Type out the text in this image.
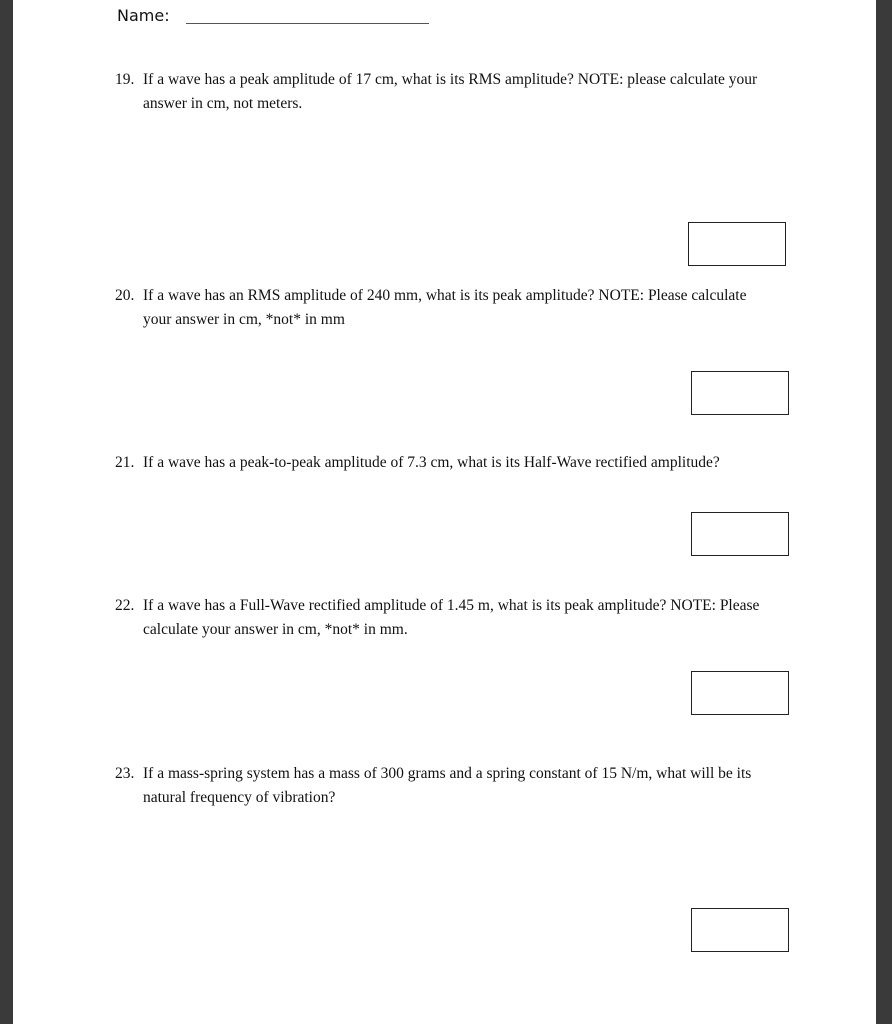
Name:
19. If a wave has a peak amplitude of 17 cm, what is its RMS amplitude? NOTE: please calculate your
answer in cm, not meters.
20. If a wave has an RMS amplitude of 240 mm, what is its peak amplitude? NOTE: Please calculate
your answer in cm, *not* in mm
21. If a wave has a peak-to-peak amplitude of 7.3 cm, what is its Half-Wave rectified amplitude?
22. If a wave has a Full-Wave rectified amplitude of 1.45 m, what is its peak amplitude? NOTE: Please
calculate your answer in cm, *not* in mm.
23. If a mass-spring system has a mass of 300 grams and a spring constant of 15 N/m, what will be its
natural frequency of vibration?
